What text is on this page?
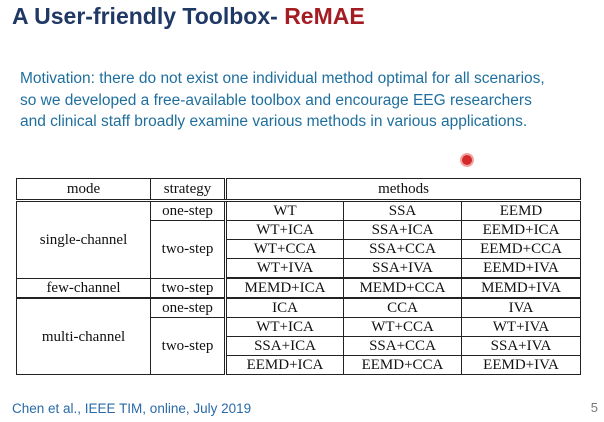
A User-friendly Toolbox- ReMAE

Motivation: there do not exist one individual method optimal for all scenarios, so we developed a free-available toolbox and encourage EEG researchers and clinical staff broadly examine various methods in various applications.

mode	strategy	methods		
single-channel	one-step	WT	SSA	EEMD
	two-step	WT+ICA	SSA+ICA	EEMD+ICA
		WT+CCA	SSA+CCA	EEMD+CCA
		WT+IVA	SSA+IVA	EEMD+IVA
few-channel	two-step	MEMD+ICA	MEMD+CCA	MEMD+IVA
multi-channel	one-step	ICA	CCA	IVA
	two-step	WT+ICA	WT+CCA	WT+IVA
		SSA+ICA	SSA+CCA	SSA+IVA
		EEMD+ICA	EEMD+CCA	EEMD+IVA
Chen et al., IEEE TIM, online, July 2019	5
